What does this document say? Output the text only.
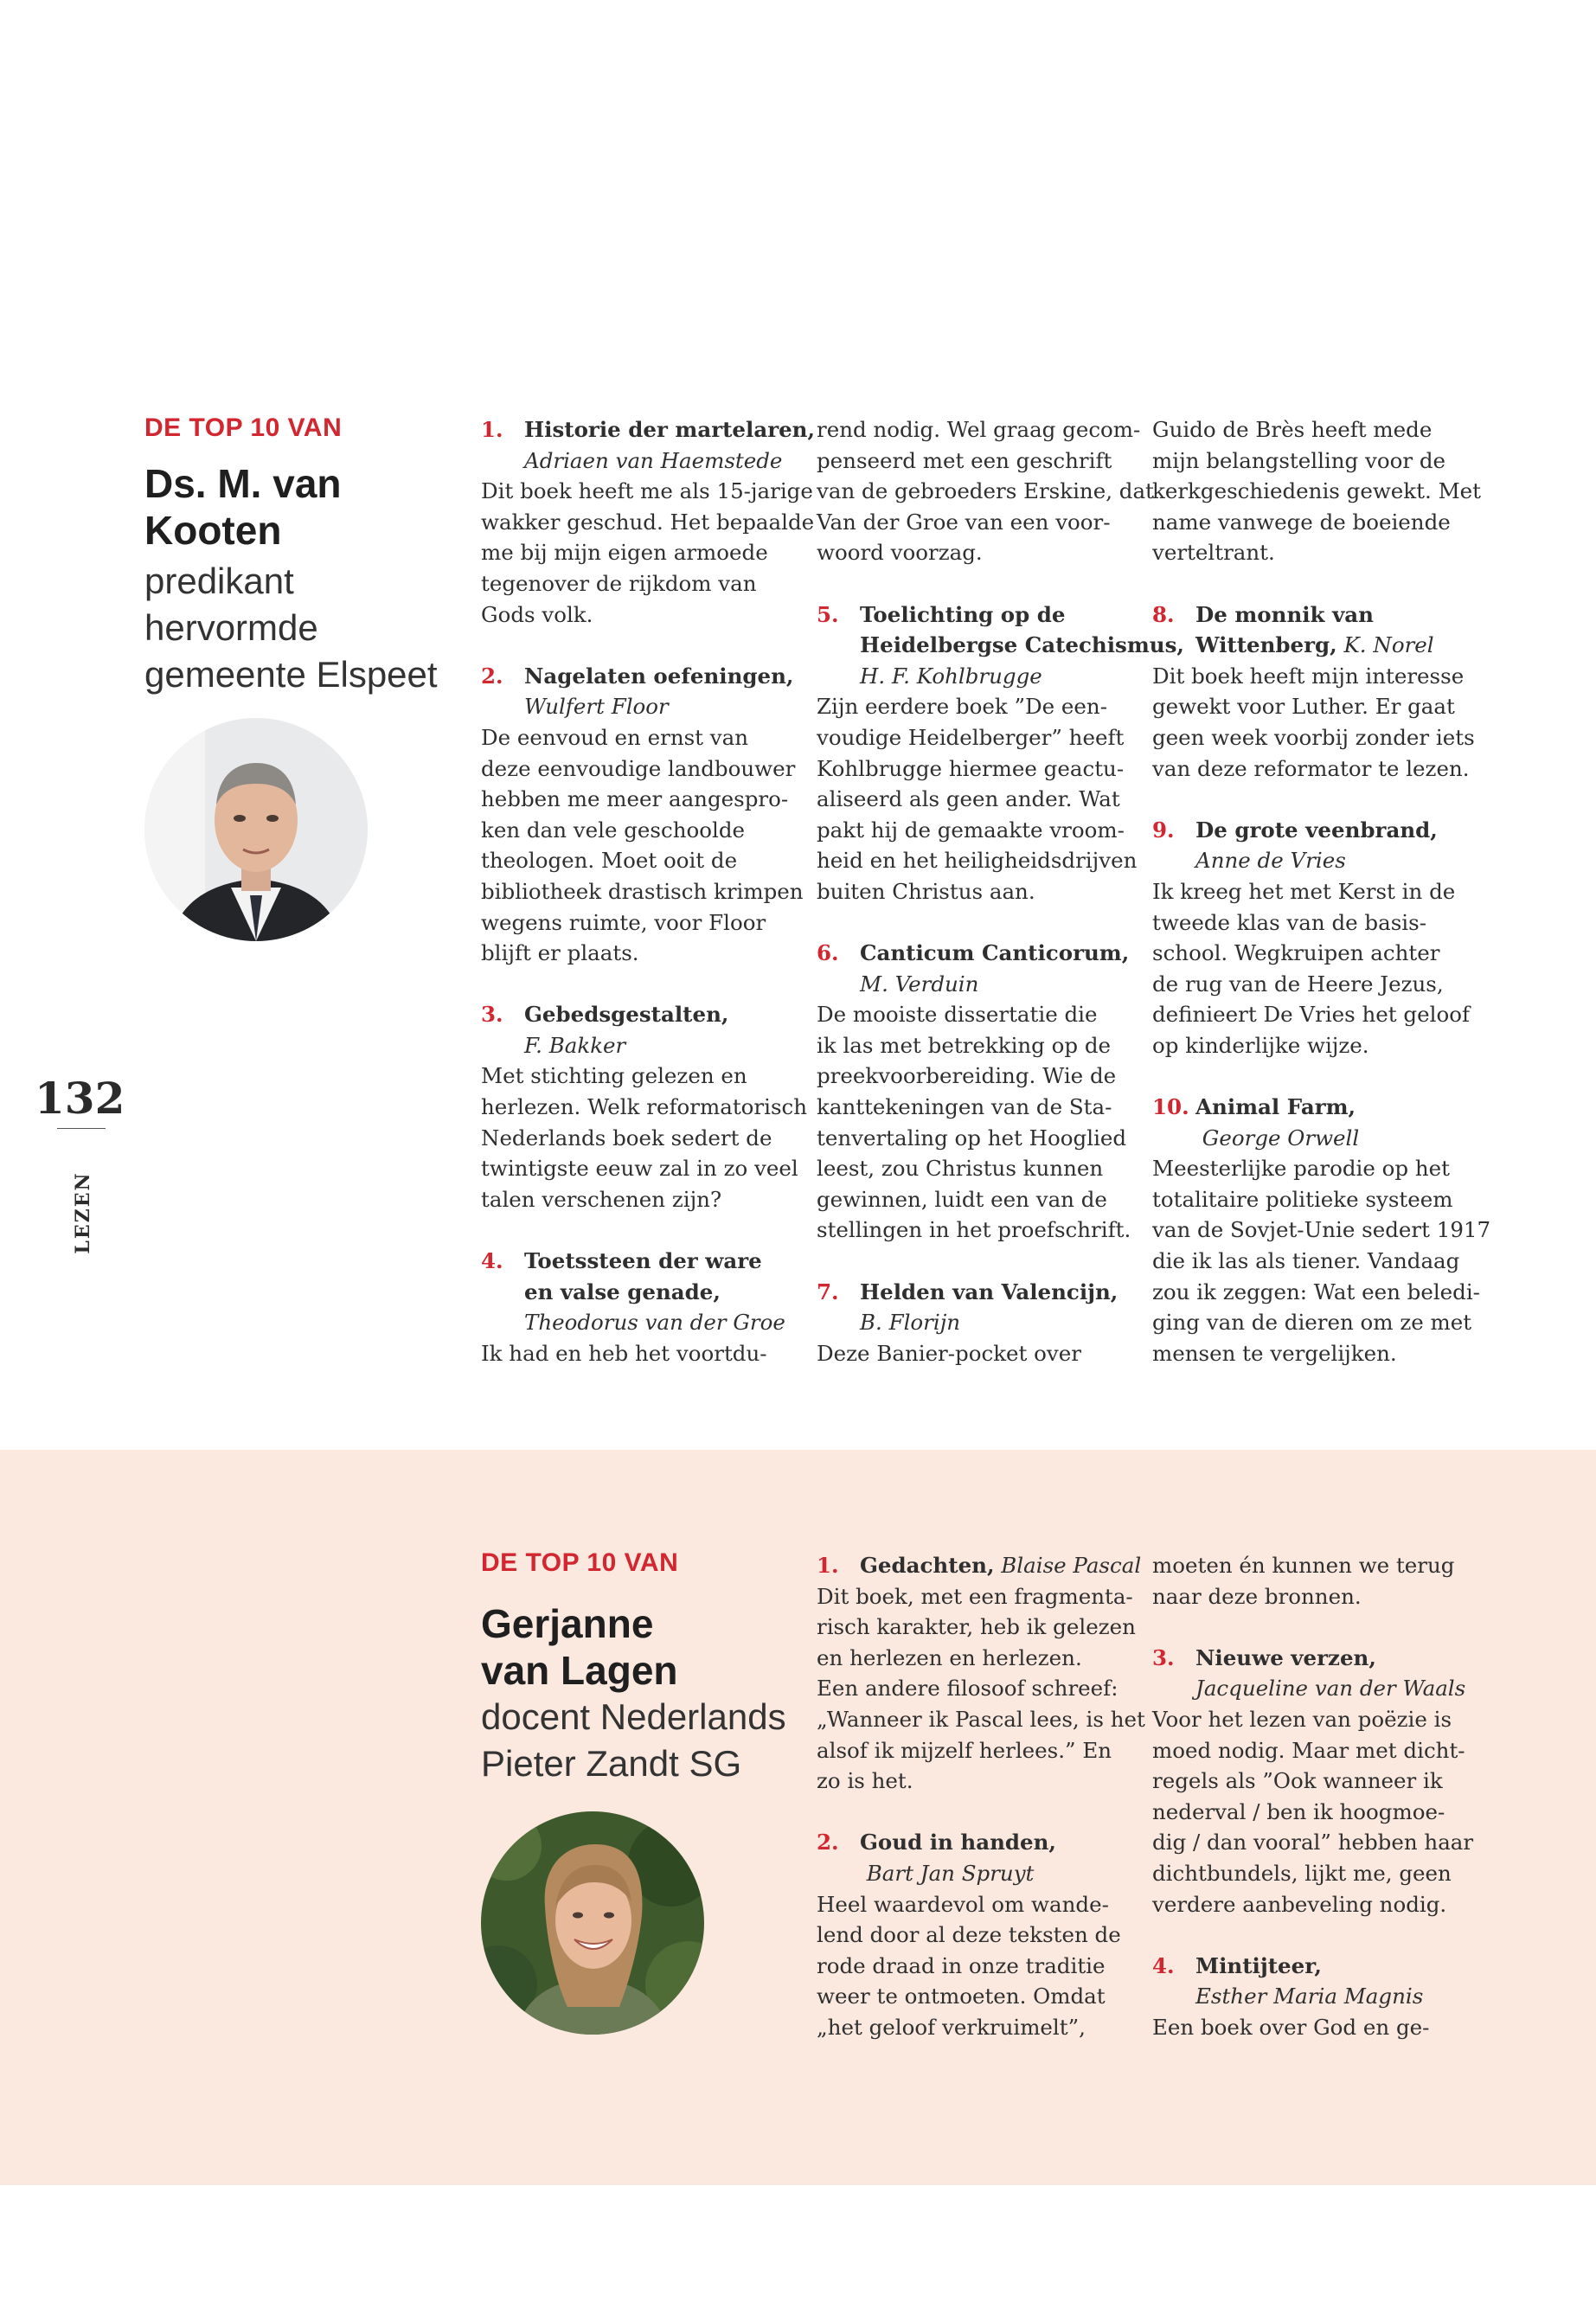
DE TOP 10 VAN
Ds. M. van
Kooten
predikant
hervormde
gemeente Elspeet
132
LEZEN
1. Historie der martelaren,
Adriaen van Haemstede
Dit boek heeft me als 15-jarige
wakker geschud. Het bepaalde
me bij mijn eigen armoede
tegenover de rijkdom van
Gods volk.
2. Nagelaten oefeningen,
Wulfert Floor
De eenvoud en ernst van
deze eenvoudige landbouwer
hebben me meer aangespro-
ken dan vele geschoolde
theologen. Moet ooit de
bibliotheek drastisch krimpen
wegens ruimte, voor Floor
blijft er plaats.
3. Gebedsgestalten,
F. Bakker
Met stichting gelezen en
herlezen. Welk reformatorisch
Nederlands boek sedert de
twintigste eeuw zal in zo veel
talen verschenen zijn?
4. Toetssteen der ware
en valse genade,
Theodorus van der Groe
Ik had en heb het voortdu-
rend nodig. Wel graag gecom-
penseerd met een geschrift
van de gebroeders Erskine, dat
Van der Groe van een voor-
woord voorzag.
5. Toelichting op de
Heidelbergse Catechismus,
H. F. Kohlbrugge
Zijn eerdere boek ”De een-
voudige Heidelberger” heeft
Kohlbrugge hiermee geactu-
aliseerd als geen ander. Wat
pakt hij de gemaakte vroom-
heid en het heiligheidsdrijven
buiten Christus aan.
6. Canticum Canticorum,
M. Verduin
De mooiste dissertatie die
ik las met betrekking op de
preekvoorbereiding. Wie de
kanttekeningen van de Sta-
tenvertaling op het Hooglied
leest, zou Christus kunnen
gewinnen, luidt een van de
stellingen in het proefschrift.
7. Helden van Valencijn,
B. Florijn
Deze Banier-pocket over
Guido de Brès heeft mede
mijn belangstelling voor de
kerkgeschiedenis gewekt. Met
name vanwege de boeiende
verteltrant.
8. De monnik van
Wittenberg, K. Norel
Dit boek heeft mijn interesse
gewekt voor Luther. Er gaat
geen week voorbij zonder iets
van deze reformator te lezen.
9. De grote veenbrand,
Anne de Vries
Ik kreeg het met Kerst in de
tweede klas van de basis-
school. Wegkruipen achter
de rug van de Heere Jezus,
definieert De Vries het geloof
op kinderlijke wijze.
10. Animal Farm,
George Orwell
Meesterlijke parodie op het
totalitaire politieke systeem
van de Sovjet-Unie sedert 1917
die ik las als tiener. Vandaag
zou ik zeggen: Wat een beledi-
ging van de dieren om ze met
mensen te vergelijken.
DE TOP 10 VAN
Gerjanne
van Lagen
docent Nederlands
Pieter Zandt SG
1. Gedachten, Blaise Pascal
Dit boek, met een fragmenta-
risch karakter, heb ik gelezen
en herlezen en herlezen.
Een andere filosoof schreef:
„Wanneer ik Pascal lees, is het
alsof ik mijzelf herlees.” En
zo is het.
2. Goud in handen,
Bart Jan Spruyt
Heel waardevol om wande-
lend door al deze teksten de
rode draad in onze traditie
weer te ontmoeten. Omdat
„het geloof verkruimelt”,
moeten én kunnen we terug
naar deze bronnen.
3. Nieuwe verzen,
Jacqueline van der Waals
Voor het lezen van poëzie is
moed nodig. Maar met dicht-
regels als ”Ook wanneer ik
nederval / ben ik hoogmoe-
dig / dan vooral” hebben haar
dichtbundels, lijkt me, geen
verdere aanbeveling nodig.
4. Mintijteer,
Esther Maria Magnis
Een boek over God en ge-
